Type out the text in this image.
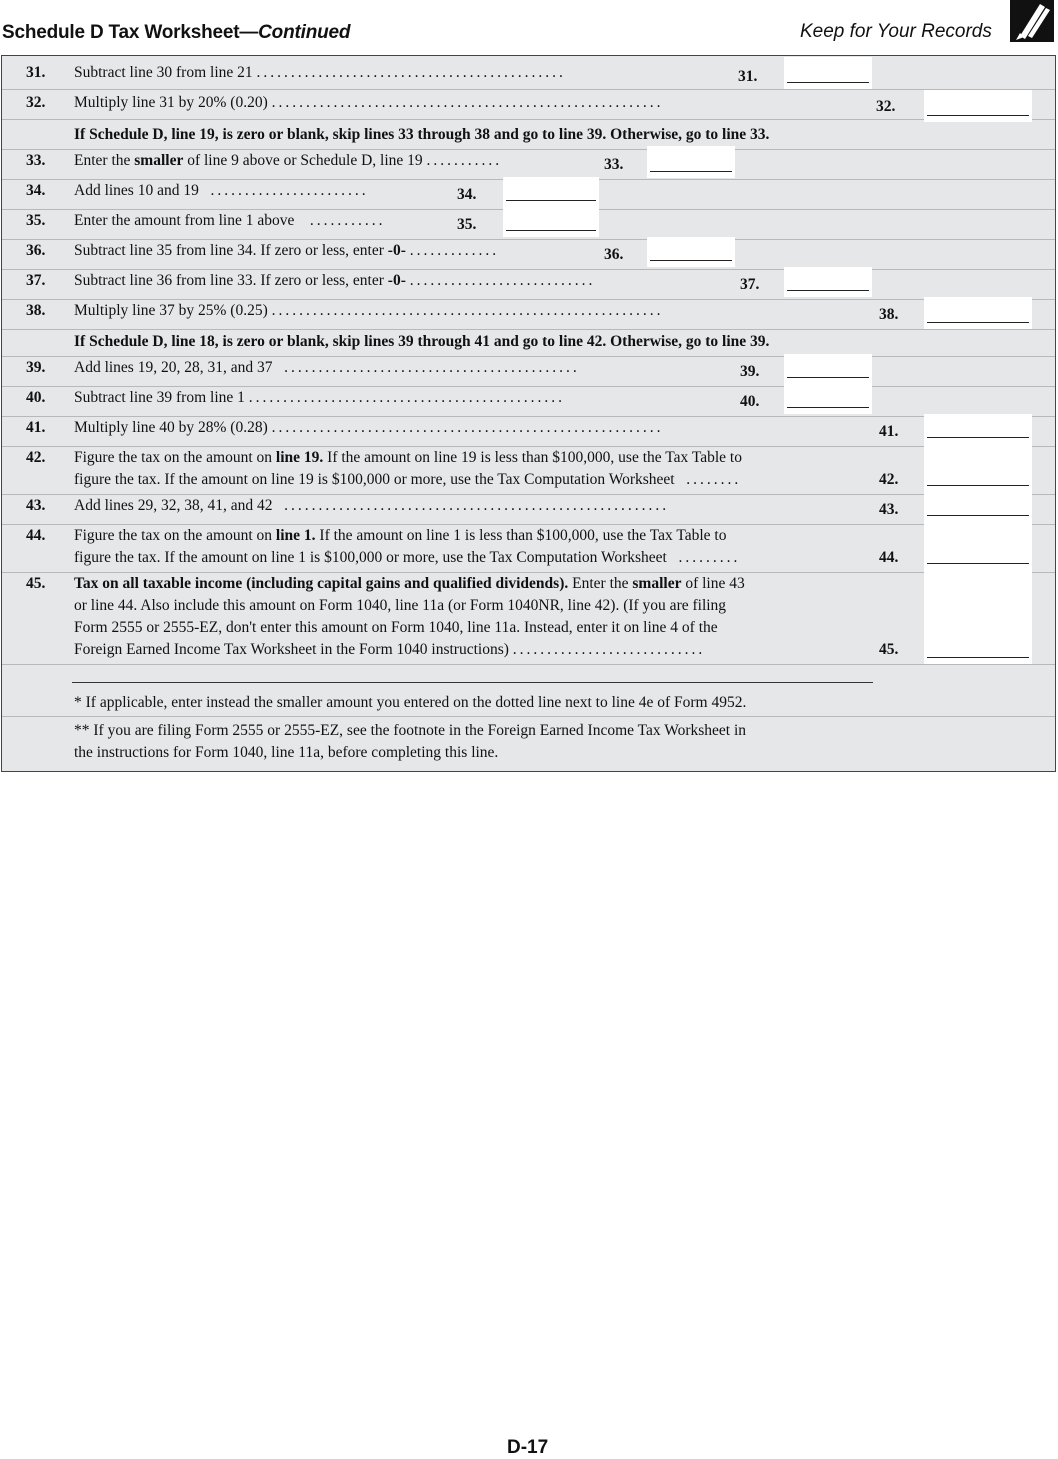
Schedule D Tax Worksheet—Continued	Keep for Your Records
31. Subtract line 30 from line 21 .............................................	31.
32. Multiply line 31 by 20% (0.20) .........................................................	32.
If Schedule D, line 19, is zero or blank, skip lines 33 through 38 and go to line 39. Otherwise, go to line 33.
33. Enter the smaller of line 9 above or Schedule D, line 19 ...........	33.
34. Add lines 10 and 19 .......................	34.
35. Enter the amount from line 1 above ...........	35.
36. Subtract line 35 from line 34. If zero or less, enter -0- .............	36.
37. Subtract line 36 from line 33. If zero or less, enter -0- ...........................	37.
38. Multiply line 37 by 25% (0.25) .........................................................	38.
If Schedule D, line 18, is zero or blank, skip lines 39 through 41 and go to line 42. Otherwise, go to line 39.
39. Add lines 19, 20, 28, 31, and 37 ...........................................	39.
40. Subtract line 39 from line 1 ..............................................	40.
41. Multiply line 40 by 28% (0.28) .........................................................	41.
42. Figure the tax on the amount on line 19. If the amount on line 19 is less than $100,000, use the Tax Table to
figure the tax. If the amount on line 19 is $100,000 or more, use the Tax Computation Worksheet ........	42.
43. Add lines 29, 32, 38, 41, and 42 ........................................................	43.
44. Figure the tax on the amount on line 1. If the amount on line 1 is less than $100,000, use the Tax Table to
figure the tax. If the amount on line 1 is $100,000 or more, use the Tax Computation Worksheet .........	44.
45. Tax on all taxable income (including capital gains and qualified dividends). Enter the smaller of line 43
or line 44. Also include this amount on Form 1040, line 11a (or Form 1040NR, line 42). (If you are filing
Form 2555 or 2555-EZ, don't enter this amount on Form 1040, line 11a. Instead, enter it on line 4 of the
Foreign Earned Income Tax Worksheet in the Form 1040 instructions) ............................	45.
* If applicable, enter instead the smaller amount you entered on the dotted line next to line 4e of Form 4952.
** If you are filing Form 2555 or 2555-EZ, see the footnote in the Foreign Earned Income Tax Worksheet in
the instructions for Form 1040, line 11a, before completing this line.
D-17
